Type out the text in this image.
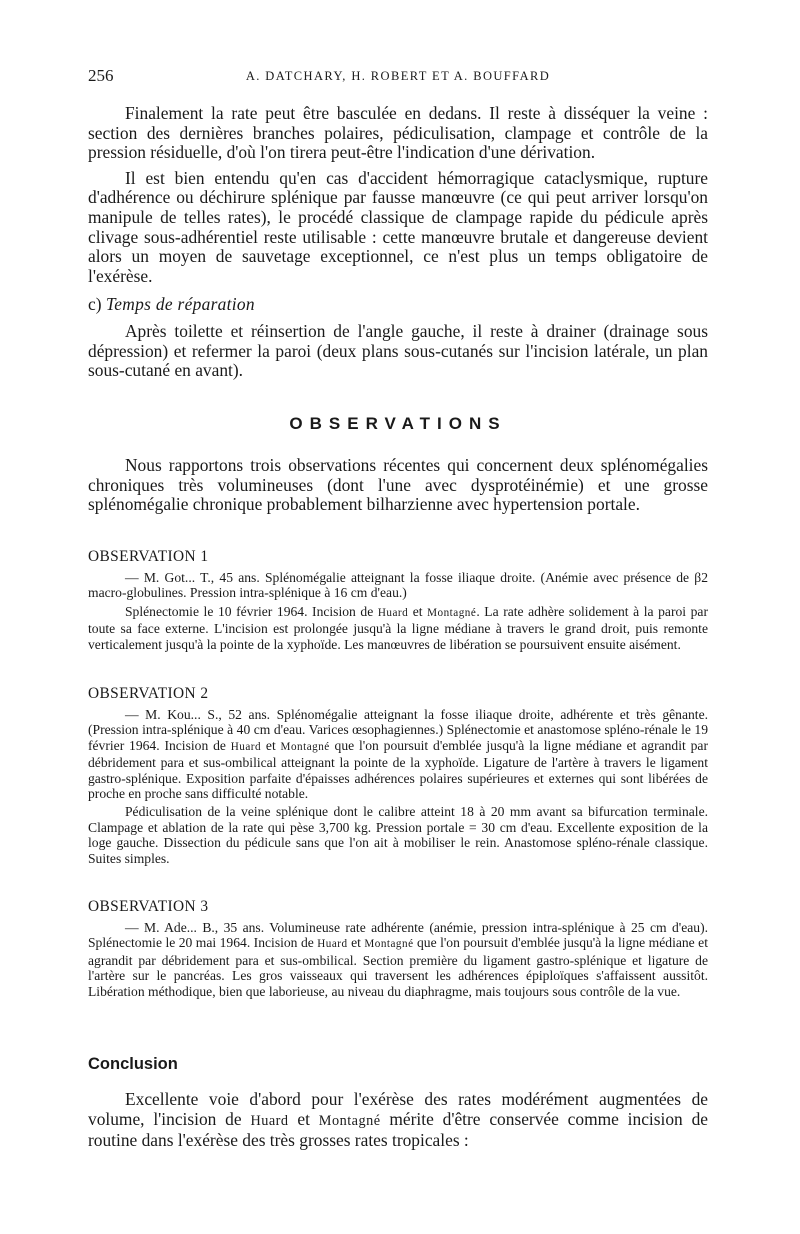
256	A. DATCHARY, H. ROBERT ET A. BOUFFARD

Finalement la rate peut être basculée en dedans. Il reste à disséquer la veine : section des dernières branches polaires, pédiculisation, clampage et contrôle de la pression résiduelle, d'où l'on tirera peut-être l'indication d'une dérivation.

Il est bien entendu qu'en cas d'accident hémorragique cataclysmique, rupture d'adhérence ou déchirure splénique par fausse manœuvre (ce qui peut arriver lorsqu'on manipule de telles rates), le procédé classique de clampage rapide du pédicule après clivage sous-adhérentiel reste utilisable : cette manœuvre brutale et dangereuse devient alors un moyen de sauvetage exceptionnel, ce n'est plus un temps obligatoire de l'exérèse.

c) Temps de réparation

Après toilette et réinsertion de l'angle gauche, il reste à drainer (drainage sous dépression) et refermer la paroi (deux plans sous-cutanés sur l'incision latérale, un plan sous-cutané en avant).

OBSERVATIONS

Nous rapportons trois observations récentes qui concernent deux splénomégalies chroniques très volumineuses (dont l'une avec dysprotéinémie) et une grosse splénomégalie chronique probablement bilharzienne avec hypertension portale.

OBSERVATION 1

— M. Got... T., 45 ans. Splénomégalie atteignant la fosse iliaque droite. (Anémie avec présence de β2 macro-globulines. Pression intra-splénique à 16 cm d'eau.)

Splénectomie le 10 février 1964. Incision de Huard et Montagné. La rate adhère solidement à la paroi par toute sa face externe. L'incision est prolongée jusqu'à la ligne médiane à travers le grand droit, puis remonte verticalement jusqu'à la pointe de la xyphoïde. Les manœuvres de libération se poursuivent ensuite aisément.

OBSERVATION 2

— M. Kou... S., 52 ans. Splénomégalie atteignant la fosse iliaque droite, adhérente et très gênante. (Pression intra-splénique à 40 cm d'eau. Varices œsophagiennes.) Splénectomie et anastomose spléno-rénale le 19 février 1964. Incision de Huard et Montagné que l'on poursuit d'emblée jusqu'à la ligne médiane et agrandit par débridement para et sus-ombilical atteignant la pointe de la xyphoïde. Ligature de l'artère à travers le ligament gastro-splénique. Exposition parfaite d'épaisses adhérences polaires supérieures et externes qui sont libérées de proche en proche sans difficulté notable.

Pédiculisation de la veine splénique dont le calibre atteint 18 à 20 mm avant sa bifurcation terminale. Clampage et ablation de la rate qui pèse 3,700 kg. Pression portale = 30 cm d'eau. Excellente exposition de la loge gauche. Dissection du pédicule sans que l'on ait à mobiliser le rein. Anastomose spléno-rénale classique. Suites simples.

OBSERVATION 3

— M. Ade... B., 35 ans. Volumineuse rate adhérente (anémie, pression intra-splénique à 25 cm d'eau). Splénectomie le 20 mai 1964. Incision de Huard et Montagné que l'on poursuit d'emblée jusqu'à la ligne médiane et agrandit par débridement para et sus-ombilical. Section première du ligament gastro-splénique et ligature de l'artère sur le pancréas. Les gros vaisseaux qui traversent les adhérences épiploïques s'affaissent aussitôt. Libération méthodique, bien que laborieuse, au niveau du diaphragme, mais toujours sous contrôle de la vue.

Conclusion

Excellente voie d'abord pour l'exérèse des rates modérément augmentées de volume, l'incision de Huard et Montagné mérite d'être conservée comme incision de routine dans l'exérèse des très grosses rates tropicales :
